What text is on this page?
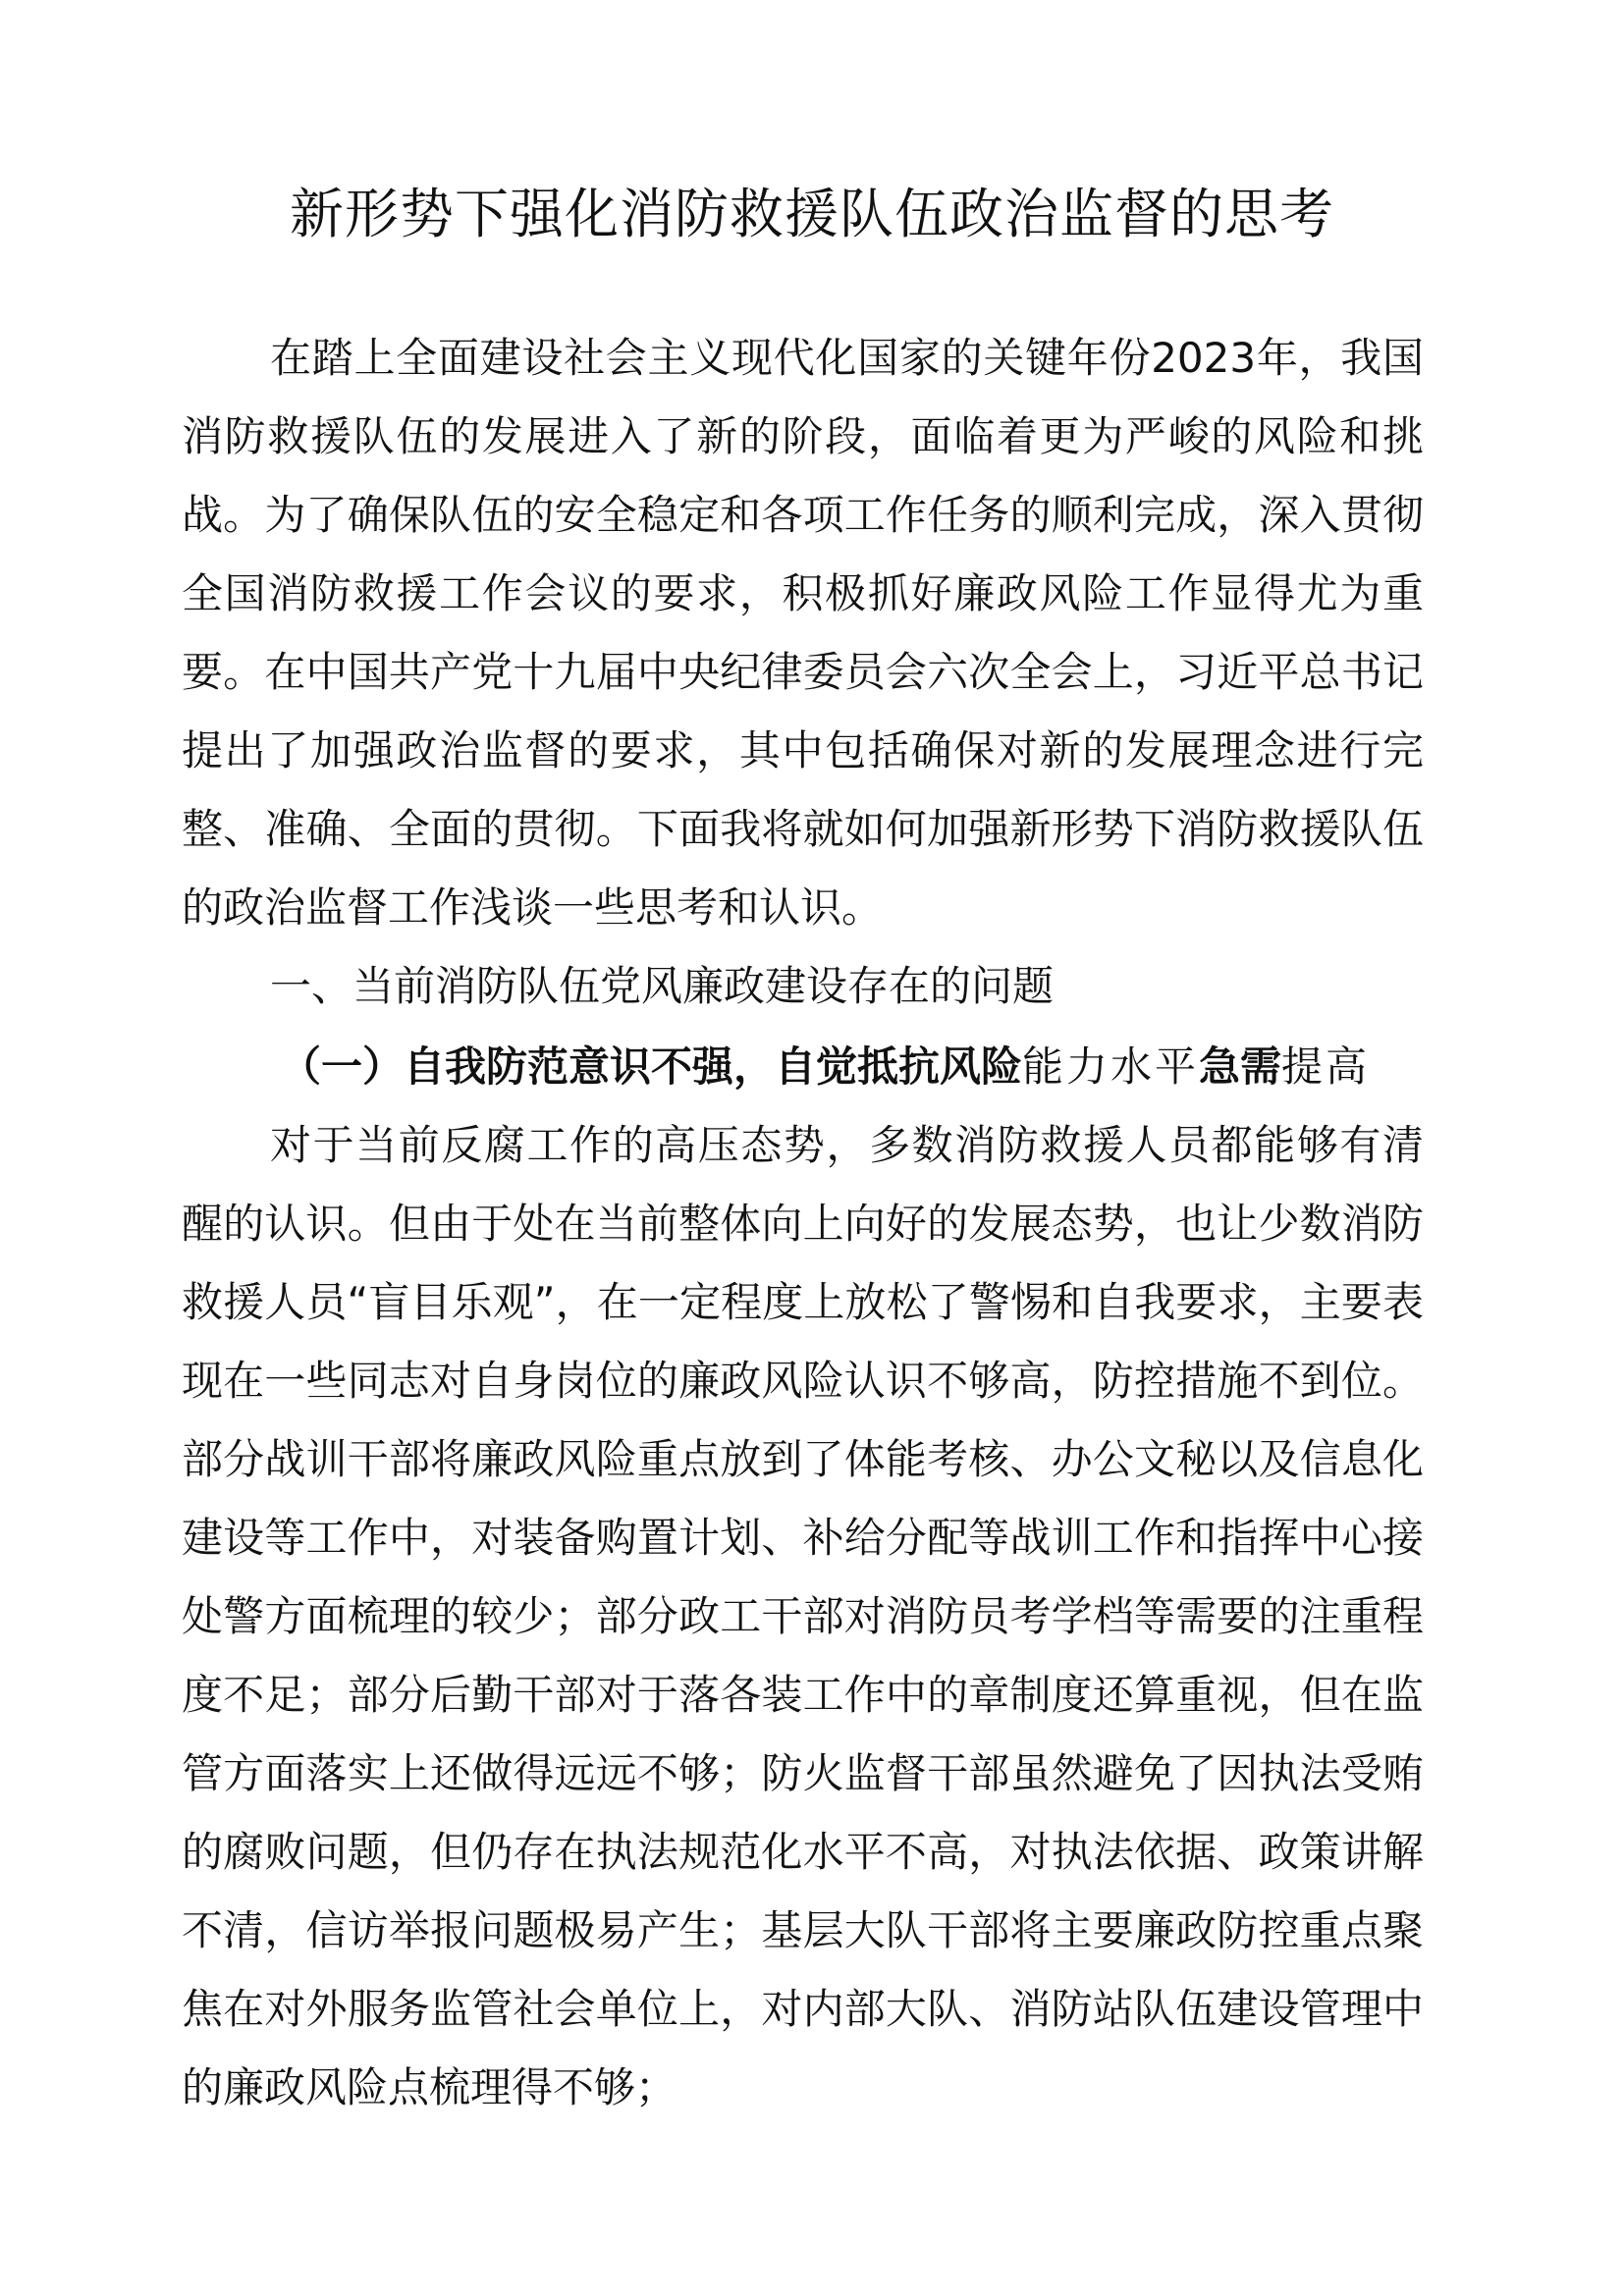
新形势下强化消防救援队伍政治监督的思考

在踏上全面建设社会主义现代化国家的关键年份2023年，我国消防救援队伍的发展进入了新的阶段，面临着更为严峻的风险和挑战。为了确保队伍的安全稳定和各项工作任务的顺利完成，深入贯彻全国消防救援工作会议的要求，积极抓好廉政风险工作显得尤为重要。在中国共产党十九届中央纪律委员会六次全会上，习近平总书记提出了加强政治监督的要求，其中包括确保对新的发展理念进行完整、准确、全面的贯彻。下面我将就如何加强新形势下消防救援队伍的政治监督工作浅谈一些思考和认识。

一、当前消防队伍党风廉政建设存在的问题

（一）自我防范意识不强，自觉抵抗风险能力水平急需提高

对于当前反腐工作的高压态势，多数消防救援人员都能够有清醒的认识。但由于处在当前整体向上向好的发展态势，也让少数消防救援人员“盲目乐观”，在一定程度上放松了警惕和自我要求，主要表现在一些同志对自身岗位的廉政风险认识不够高，防控措施不到位。部分战训干部将廉政风险重点放到了体能考核、办公文秘以及信息化建设等工作中，对装备购置计划、补给分配等战训工作和指挥中心接处警方面梳理的较少；部分政工干部对消防员考学档等需要的注重程度不足；部分后勤干部对于落各装工作中的章制度还算重视，但在监管方面落实上还做得远远不够；防火监督干部虽然避免了因执法受贿的腐败问题，但仍存在执法规范化水平不高，对执法依据、政策讲解不清，信访举报问题极易产生；基层大队干部将主要廉政防控重点聚焦在对外服务监管社会单位上，对内部大队、消防站队伍建设管理中的廉政风险点梳理得不够；
